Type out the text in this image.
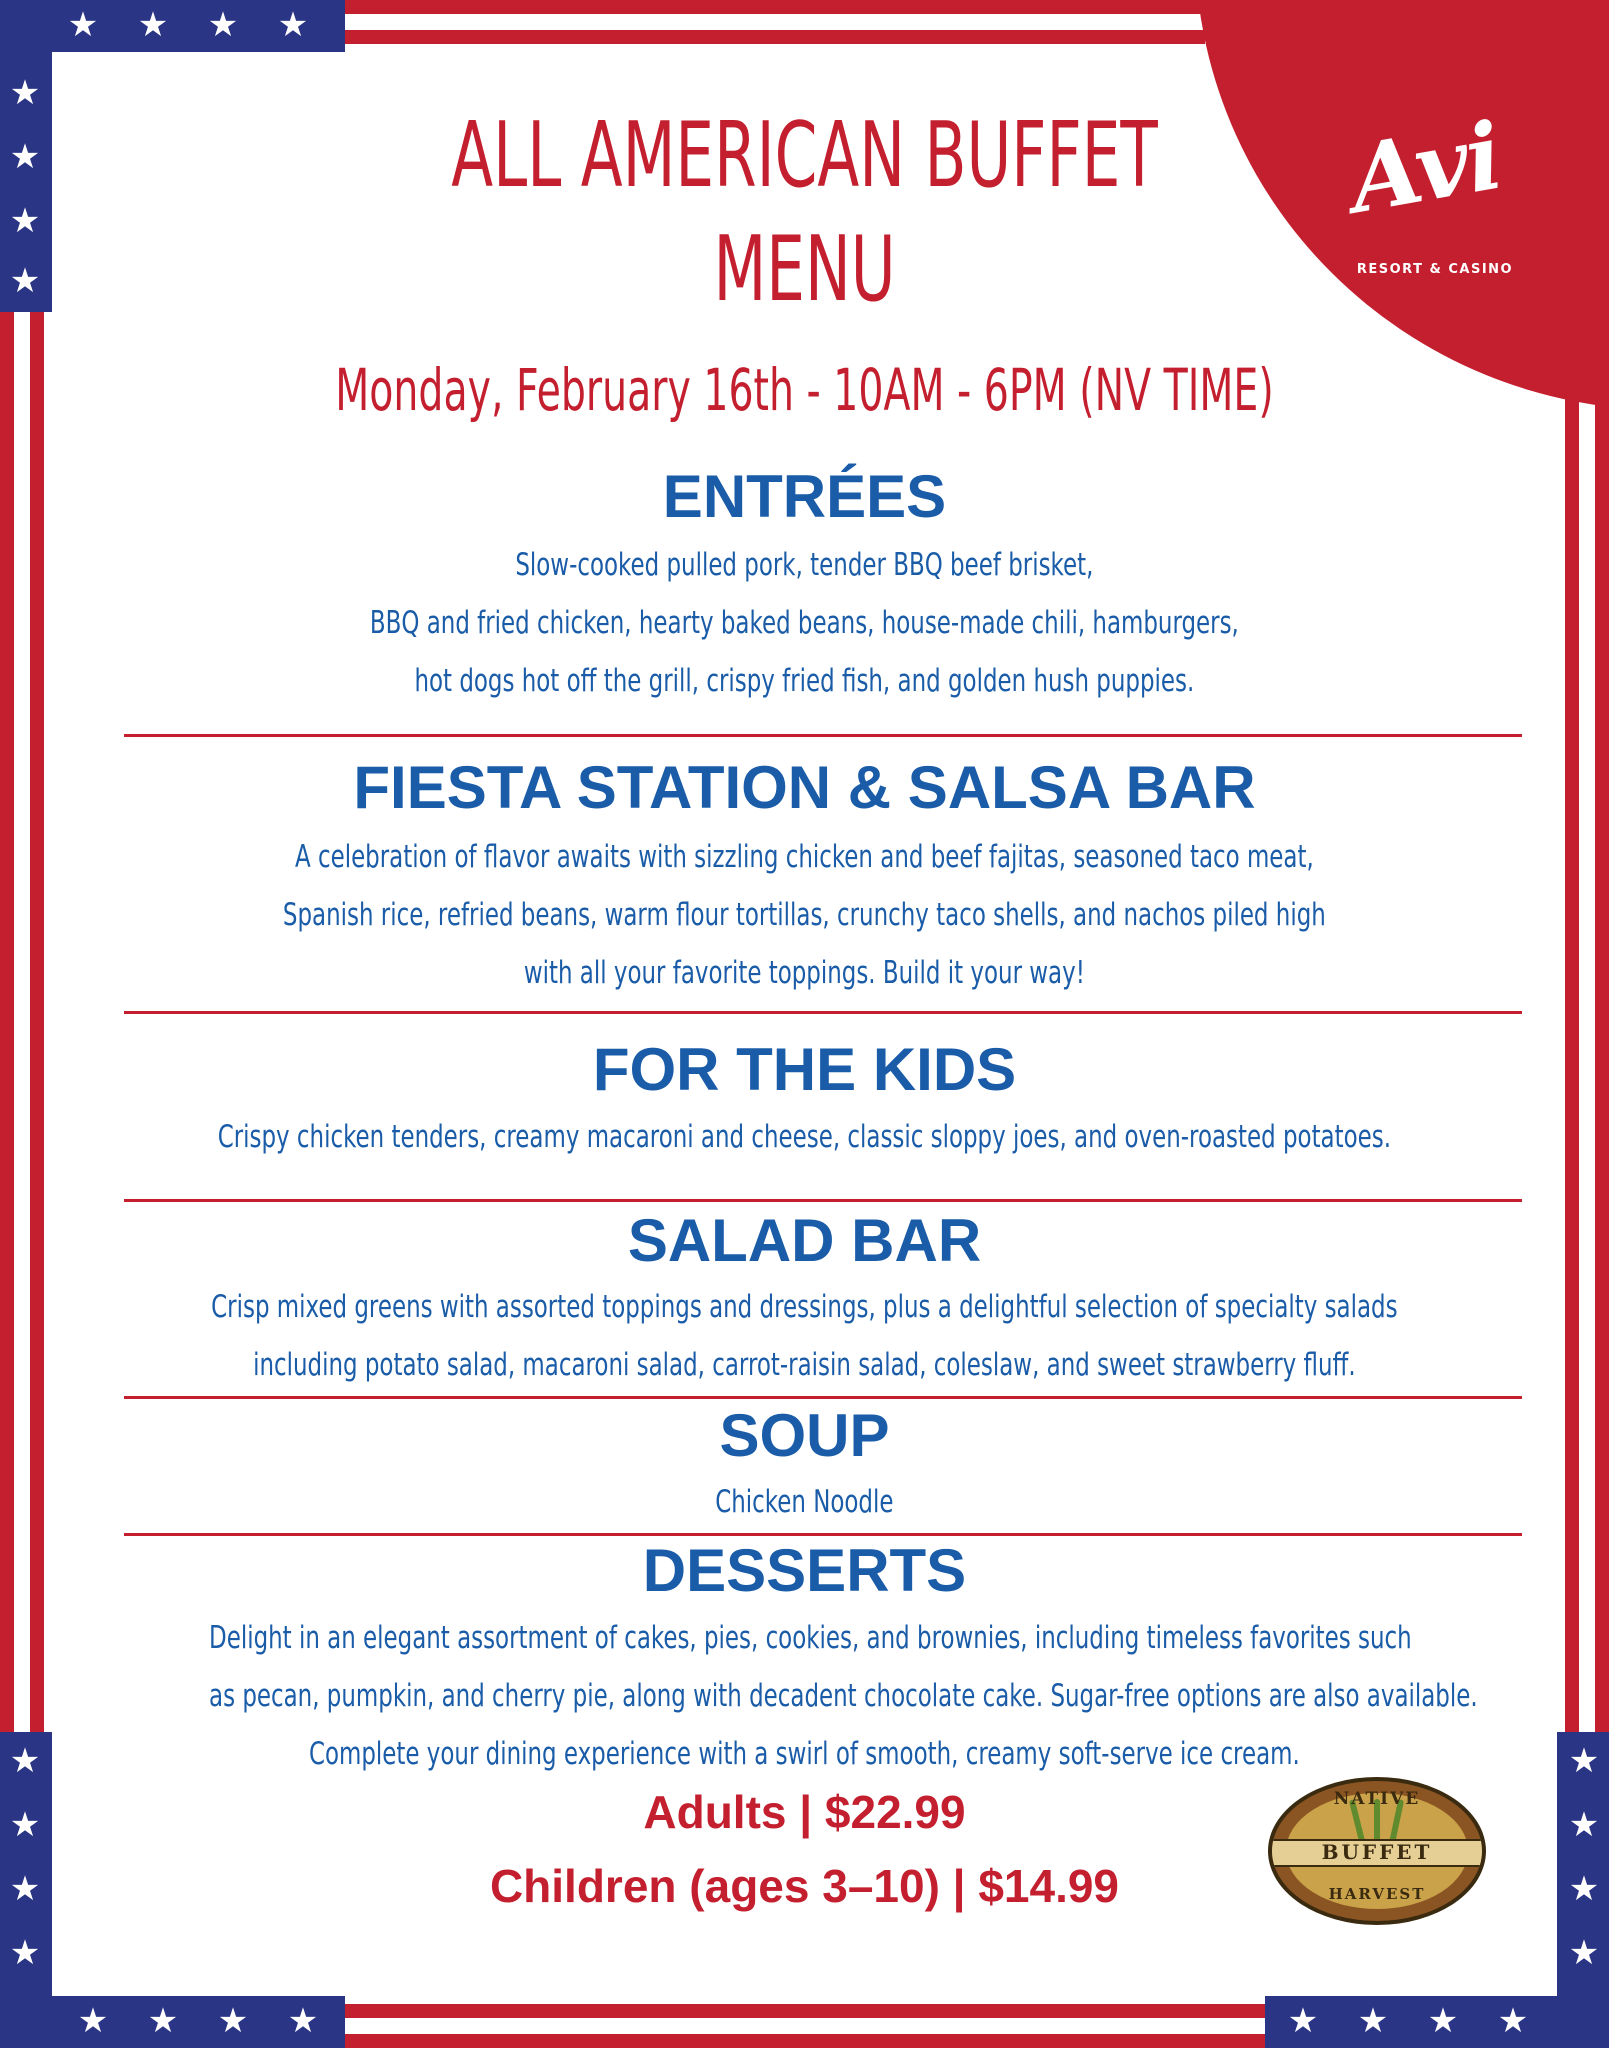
★ ★ ★ ★
★
★
★
★
★
★
★
★
★ ★ ★ ★
★
★
★
★
★ ★ ★ ★
Avi
RESORT & CASINO
ALL AMERICAN BUFFET
MENU
Monday, February 16th - 10AM - 6PM (NV TIME)
ENTRÉES
Slow-cooked pulled pork, tender BBQ beef brisket,
BBQ and fried chicken, hearty baked beans, house-made chili, hamburgers,
hot dogs hot off the grill, crispy fried fish, and golden hush puppies.
FIESTA STATION & SALSA BAR
A celebration of flavor awaits with sizzling chicken and beef fajitas, seasoned taco meat,
Spanish rice, refried beans, warm flour tortillas, crunchy taco shells, and nachos piled high
with all your favorite toppings. Build it your way!
FOR THE KIDS
Crispy chicken tenders, creamy macaroni and cheese, classic sloppy joes, and oven-roasted potatoes.
SALAD BAR
Crisp mixed greens with assorted toppings and dressings, plus a delightful selection of specialty salads
including potato salad, macaroni salad, carrot-raisin salad, coleslaw, and sweet strawberry fluff.
SOUP
Chicken Noodle
DESSERTS
Delight in an elegant assortment of cakes, pies, cookies, and brownies, including timeless favorites such
as pecan, pumpkin, and cherry pie, along with decadent chocolate cake. Sugar-free options are also available.
Complete your dining experience with a swirl of smooth, creamy soft-serve ice cream.
Adults | $22.99
Children (ages 3–10) | $14.99
NATIVE
BUFFET
HARVEST
